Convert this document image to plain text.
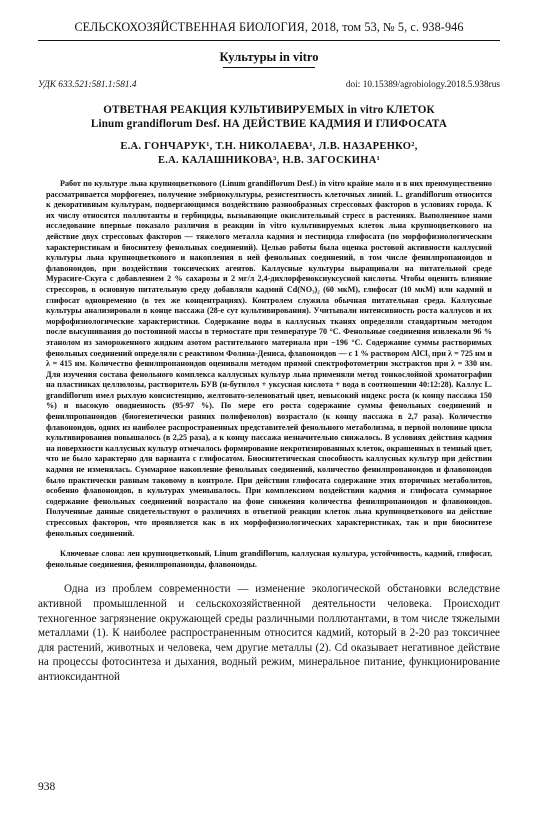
СЕЛЬСКОХОЗЯЙСТВЕННАЯ БИОЛОГИЯ, 2018, том 53, № 5, с. 938-946
Культуры in vitro
УДК 633.521:581.1:581.4	doi: 10.15389/agrobiology.2018.5.938rus
ОТВЕТНАЯ РЕАКЦИЯ КУЛЬТИВИРУЕМЫХ in vitro КЛЕТОК
Linum grandiflorum Desf. НА ДЕЙСТВИЕ КАДМИЯ И ГЛИФОСАТА
Е.А. ГОНЧАРУК¹, Т.Н. НИКОЛАЕВА¹, Л.В. НАЗАРЕНКО²,
Е.А. КАЛАШНИКОВА³, Н.В. ЗАГОСКИНА¹

Работ по культуре льна крупноцветкового (Linum grandiflorum Desf.) in vitro крайне мало и в них преимущественно рассматривается морфогенез, получение эмбриокультуры, резистентность клеточных линий. L. grandiflorum относится к декоративным культурам, подвергающимся воздействию разнообразных стрессовых факторов в условиях города. К их числу относятся поллютанты и гербициды, вызывающие окислительный стресс в растениях. Выполненное нами исследование впервые показало различия в реакции in vitro культивируемых клеток льна крупноцветкового на действие двух стрессовых факторов — тяжелого металла кадмия и пестицида глифосата (по морфофизиологическим характеристикам и биосинтезу фенольных соединений). Целью работы была оценка ростовой активности каллусной культуры льна крупноцветкового и накопления в ней фенольных соединений, в том числе фенилпропаноидов и флавоноидов, при воздействии токсических агентов. Каллусные культуры выращивали на питательной среде Мурасиге-Скуга с добавлением 2 % сахарозы и 2 мг/л 2,4-дихлорфеноксиуксусной кислоты. Чтобы оценить влияние стрессоров, в основную питательную среду добавляли кадмий Cd(NO₃)₂ (60 мкМ), глифосат (10 мкМ) или кадмий и глифосат одновременно (в тех же концентрациях). Контролем служила обычная питательная среда. Каллусные культуры анализировали в конце пассажа (28-е сут культивирования). Учитывали интенсивность роста каллусов и их морфофизиологические характеристики. Содержание воды в каллусных тканях определяли стандартным методом после высушивания до постоянной массы в термостате при температуре 70 °С. Фенольные соединения извлекали 96 % этанолом из замороженного жидким азотом растительного материала при −196 °С. Содержание суммы растворимых фенольных соединений определяли с реактивом Фолина-Дениса, флавоноидов — с 1 % раствором AlCl₃ при λ = 725 нм и λ = 415 нм. Количество фенилпропаноидов оценивали методом прямой спектрофотометрии экстрактов при λ = 330 нм. Для изучения состава фенольного комплекса каллусных культур льна применяли метод тонкослойной хроматографии на пластинках целлюлозы, растворитель БУВ (н-бутилол + уксусная кислота + вода в соотношении 40:12:28). Каллус L. grandiflorum имел рыхлую консистенцию, желтовато-зеленоватый цвет, невысокий индекс роста (к концу пассажа 150 %) и высокую оводненность (95-97 %). По мере его роста содержание суммы фенольных соединений и фенилпропаноидов (биогенетически ранних полифенолов) возрастало (к концу пассажа в 2,7 раза). Количество флавоноидов, одних из наиболее распространенных представителей фенольного метаболизма, в первой половине цикла культивирования повышалось (в 2,25 раза), а к концу пассажа незначительно снижалось. В условиях действия кадмия на поверхности каллусных культур отмечалось формирование некротизированных клеток, окрашенных в темный цвет, что не было характерно для варианта с глифосатом. Биосинтетическая способность каллусных культур при действии кадмия не изменялась. Суммарное накопление фенольных соединений, количество фенилпропаноидов и флавоноидов было практически равным таковому в контроле. При действии глифосата содержание этих вторичных метаболитов, особенно флавоноидов, в культурах уменьшалось. При комплексном воздействии кадмия и глифосата суммарное содержание фенольных соединений возрастало на фоне снижения количества фенилпропаноидов и флавоноидов. Полученные данные свидетельствуют о различиях в ответной реакции клеток льна крупноцветкового на действие стрессовых факторов, что проявляется как в их морфофизиологических характеристиках, так и при биосинтезе фенольных соединений.

Ключевые слова: лен крупноцветковый, Linum grandiflorum, каллусная культура, устойчивость, кадмий, глифосат, фенольные соединения, фенилпропаноиды, флавоноиды.

Одна из проблем современности — изменение экологической обстановки вследствие активной промышленной и сельскохозяйственной деятельности человека. Происходит техногенное загрязнение окружающей среды различными поллютантами, в том числе тяжелыми металлами (1). К наиболее распространенным относится кадмий, который в 2-20 раз токсичнее для растений, животных и человека, чем другие металлы (2). Cd оказывает негативное действие на процессы фотосинтеза и дыхания, водный режим, минеральное питание, функционирование антиоксидантной

938
